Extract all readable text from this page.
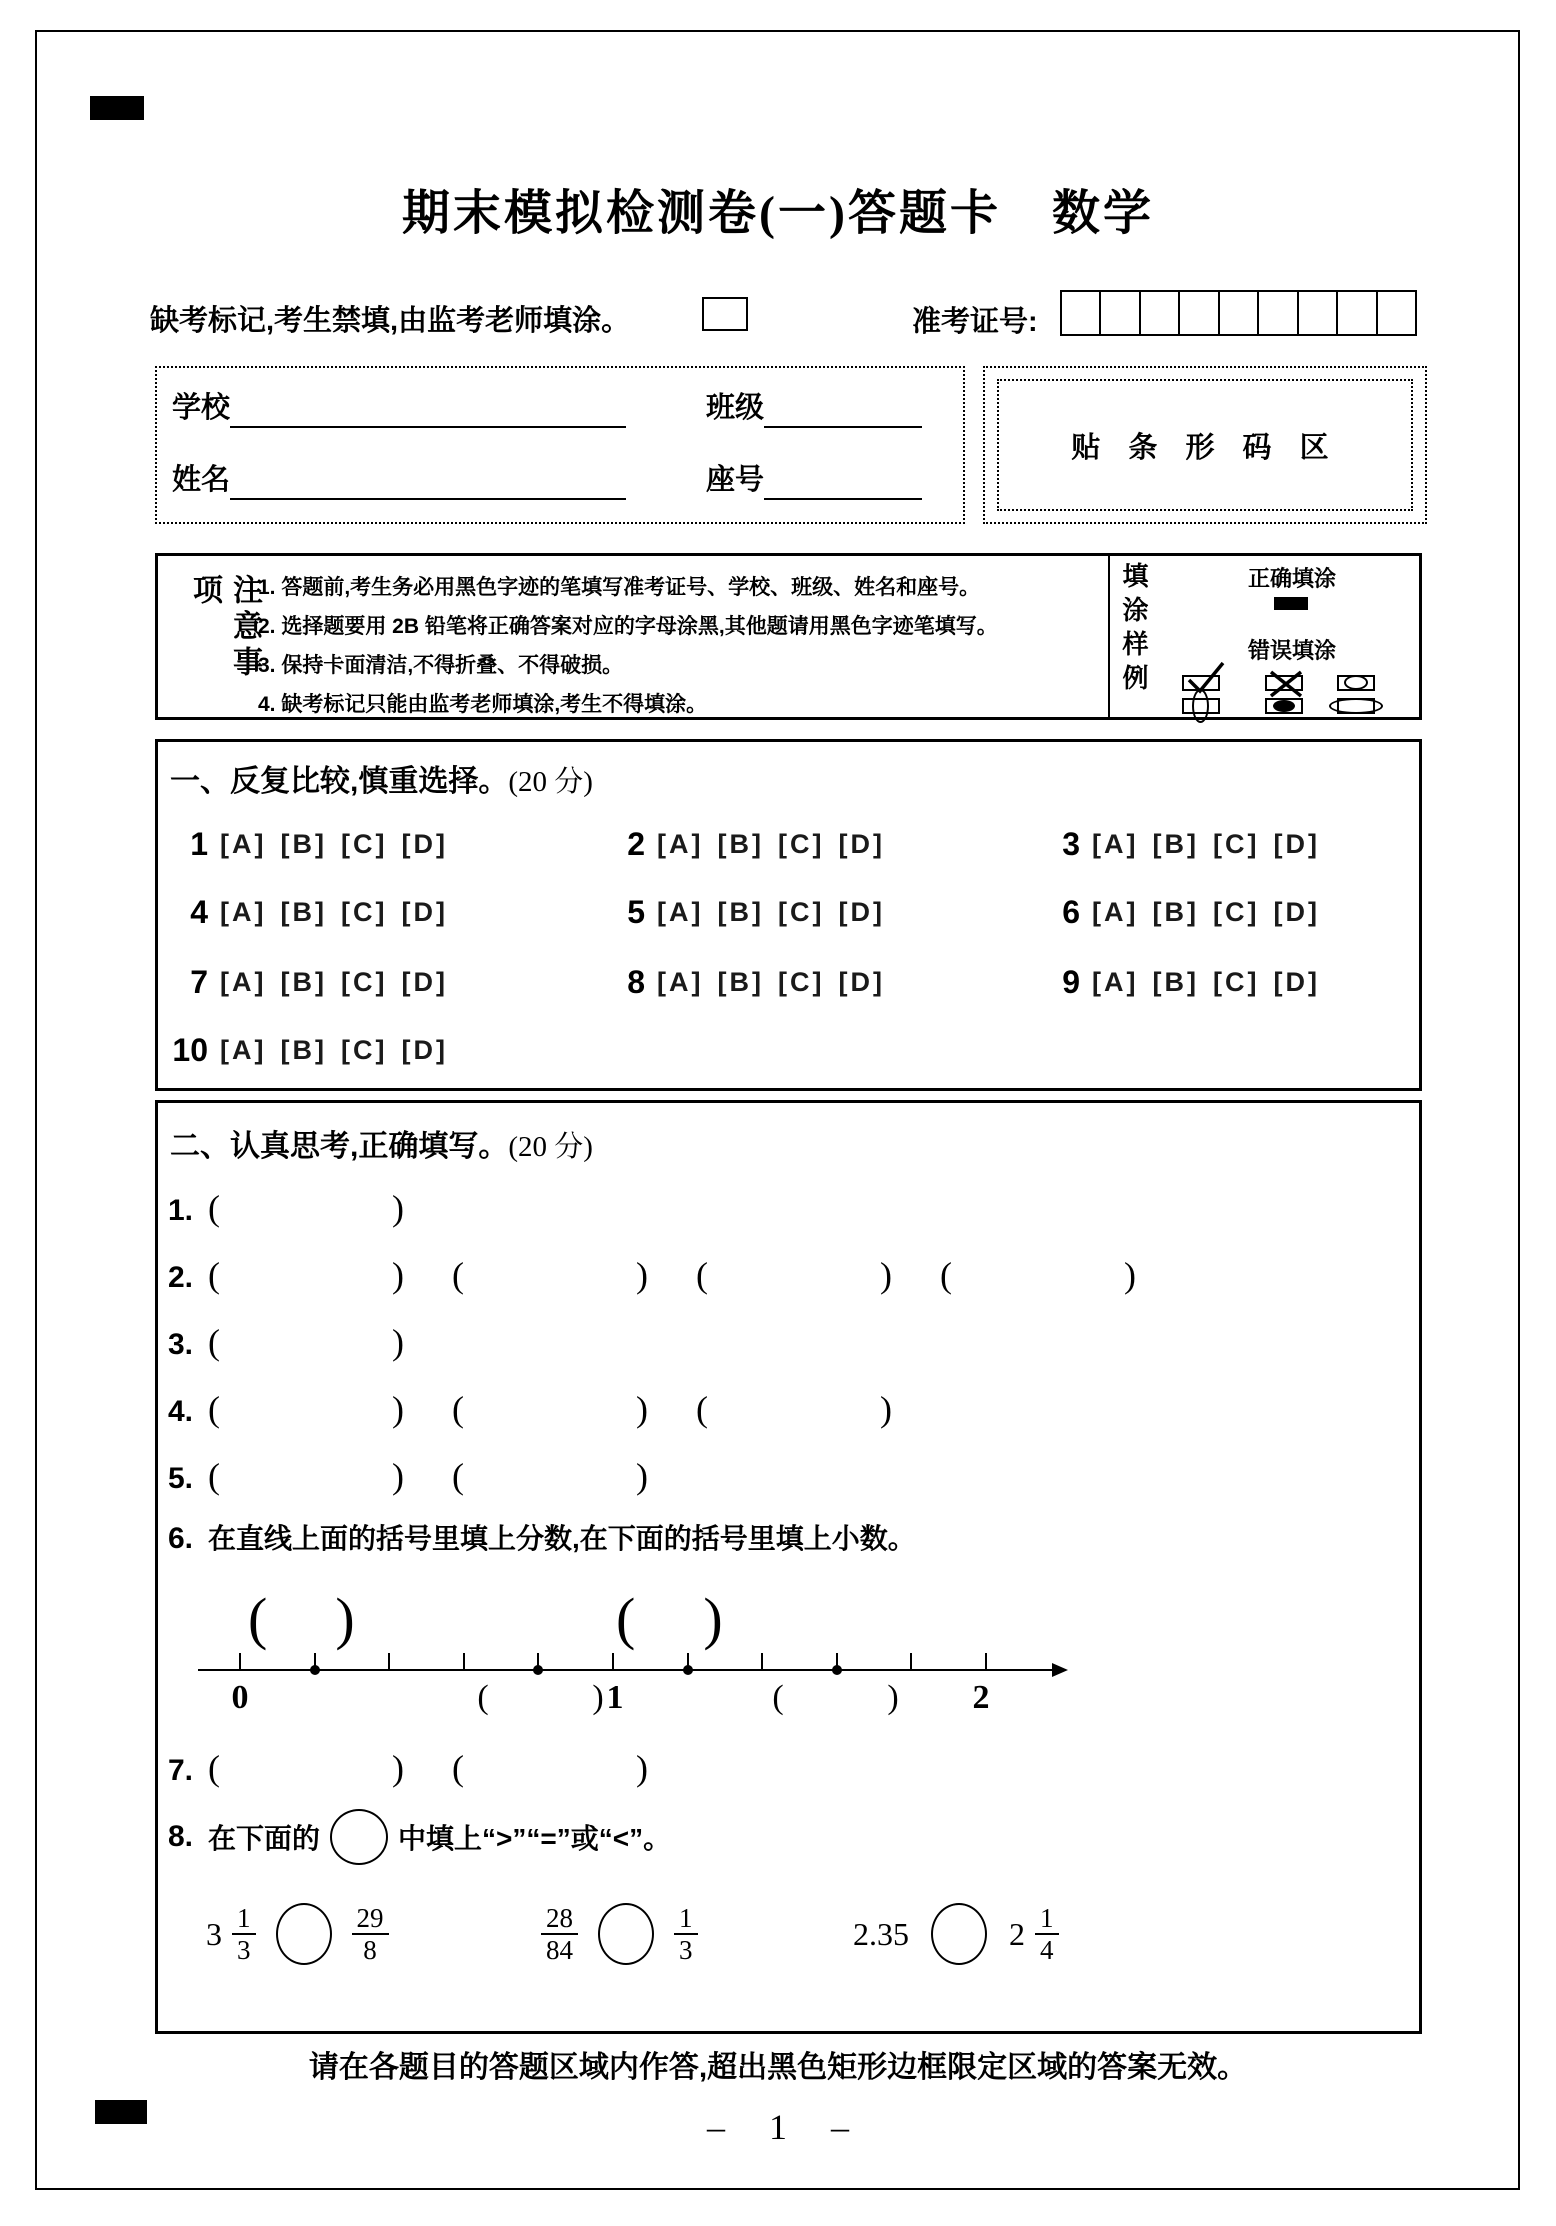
期末模拟检测卷(一)答题卡　数学
缺考标记,考生禁填,由监考老师填涂。	准考证号:
学校	班级
姓名	座号
贴 条 形 码 区
注意事项	1. 答题前,考生务必用黑色字迹的笔填写准考证号、学校、班级、姓名和座号。
2. 选择题要用 2B 铅笔将正确答案对应的字母涂黑,其他题请用黑色字迹笔填写。
3. 保持卡面清洁,不得折叠、不得破损。
4. 缺考标记只能由监考老师填涂,考生不得填涂。
填涂样例	正确填涂
错误填涂
一、反复比较,慎重选择。 (20 分)
1 [A] [B] [C] [D]	2 [A] [B] [C] [D]	3 [A] [B] [C] [D]
4 [A] [B] [C] [D]	5 [A] [B] [C] [D]	6 [A] [B] [C] [D]
7 [A] [B] [C] [D]	8 [A] [B] [C] [D]	9 [A] [B] [C] [D]
10 [A] [B] [C] [D]
二、认真思考,正确填写。 (20 分)
1. (	)
2. (	) (	) (	) (	)
3. (	)
4. (	) (	) (	)
5. (	) (	)
6. 在直线上面的括号里填上分数,在下面的括号里填上小数。
( )	( )
0	(	) 1	(	)	2
7. (	) (	)
8. 在下面的	中填上“>”“=”或“<”。
$3 \frac{1}{3}$	$\frac{29}{8}$	$\frac{28}{84}$	$\frac{1}{3}$	2.35	$2 \frac{1}{4}$
请在各题目的答题区域内作答,超出黑色矩形边框限定区域的答案无效。
– 1 –
